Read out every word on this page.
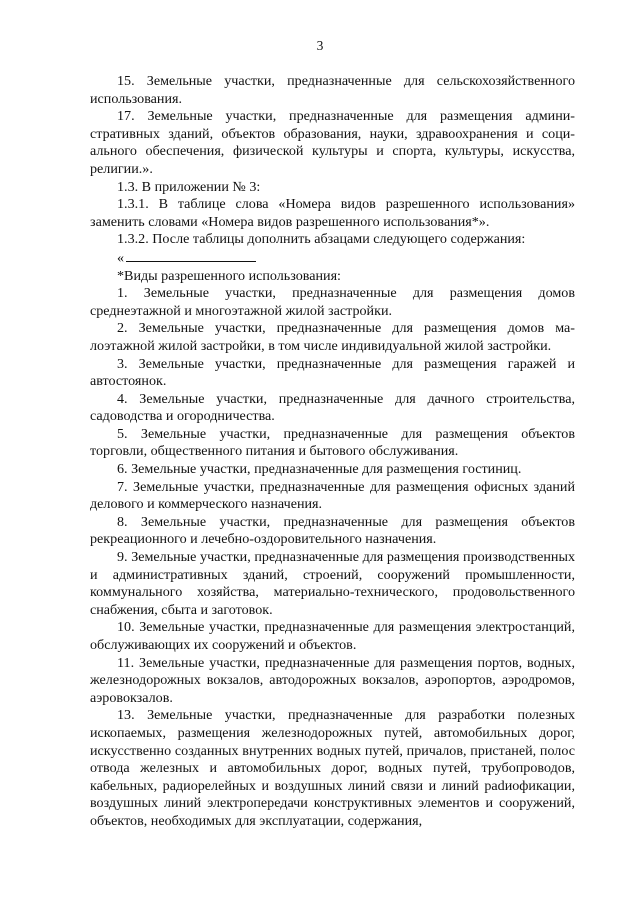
3

15. Земельные участки, предназначенные для сельскохозяйственного использования.

17. Земельные участки, предназначенные для размещения административных зданий, объектов образования, науки, здравоохранения и социального обеспечения, физической культуры и спорта, культуры, искусства, религии.».

1.3. В приложении № 3:

1.3.1. В таблице слова «Номера видов разрешенного использования» заменить словами «Номера видов разрешенного использования*».

1.3.2. После таблицы дополнить абзацами следующего содержания:

«

*Виды разрешенного использования:

1. Земельные участки, предназначенные для размещения домов среднеэтажной и многоэтажной жилой застройки.

2. Земельные участки, предназначенные для размещения домов малоэтажной жилой застройки, в том числе индивидуальной жилой застройки.

3. Земельные участки, предназначенные для размещения гаражей и автостоянок.

4. Земельные участки, предназначенные для дачного строительства, садоводства и огородничества.

5. Земельные участки, предназначенные для размещения объектов торговли, общественного питания и бытового обслуживания.

6. Земельные участки, предназначенные для размещения гостиниц.

7. Земельные участки, предназначенные для размещения офисных зданий делового и коммерческого назначения.

8. Земельные участки, предназначенные для размещения объектов рекреационного и лечебно-оздоровительного назначения.

9. Земельные участки, предназначенные для размещения производственных и административных зданий, строений, сооружений промышленности, коммунального хозяйства, материально-технического, продовольственного снабжения, сбыта и заготовок.

10. Земельные участки, предназначенные для размещения электростанций, обслуживающих их сооружений и объектов.

11. Земельные участки, предназначенные для размещения портов, водных, железнодорожных вокзалов, автодорожных вокзалов, аэропортов, аэродромов, аэровокзалов.

13. Земельные участки, предназначенные для разработки полезных ископаемых, размещения железнодорожных путей, автомобильных дорог, искусственно созданных внутренних водных путей, причалов, пристаней, полос отвода железных и автомобильных дорог, водных путей, трубопроводов, кабельных, радиорелейных и воздушных линий связи и линий раdиофикации, воздушных линий электропередачи конструктивных элементов и сооружений, объектов, необходимых для эксплуатации, содержания,
